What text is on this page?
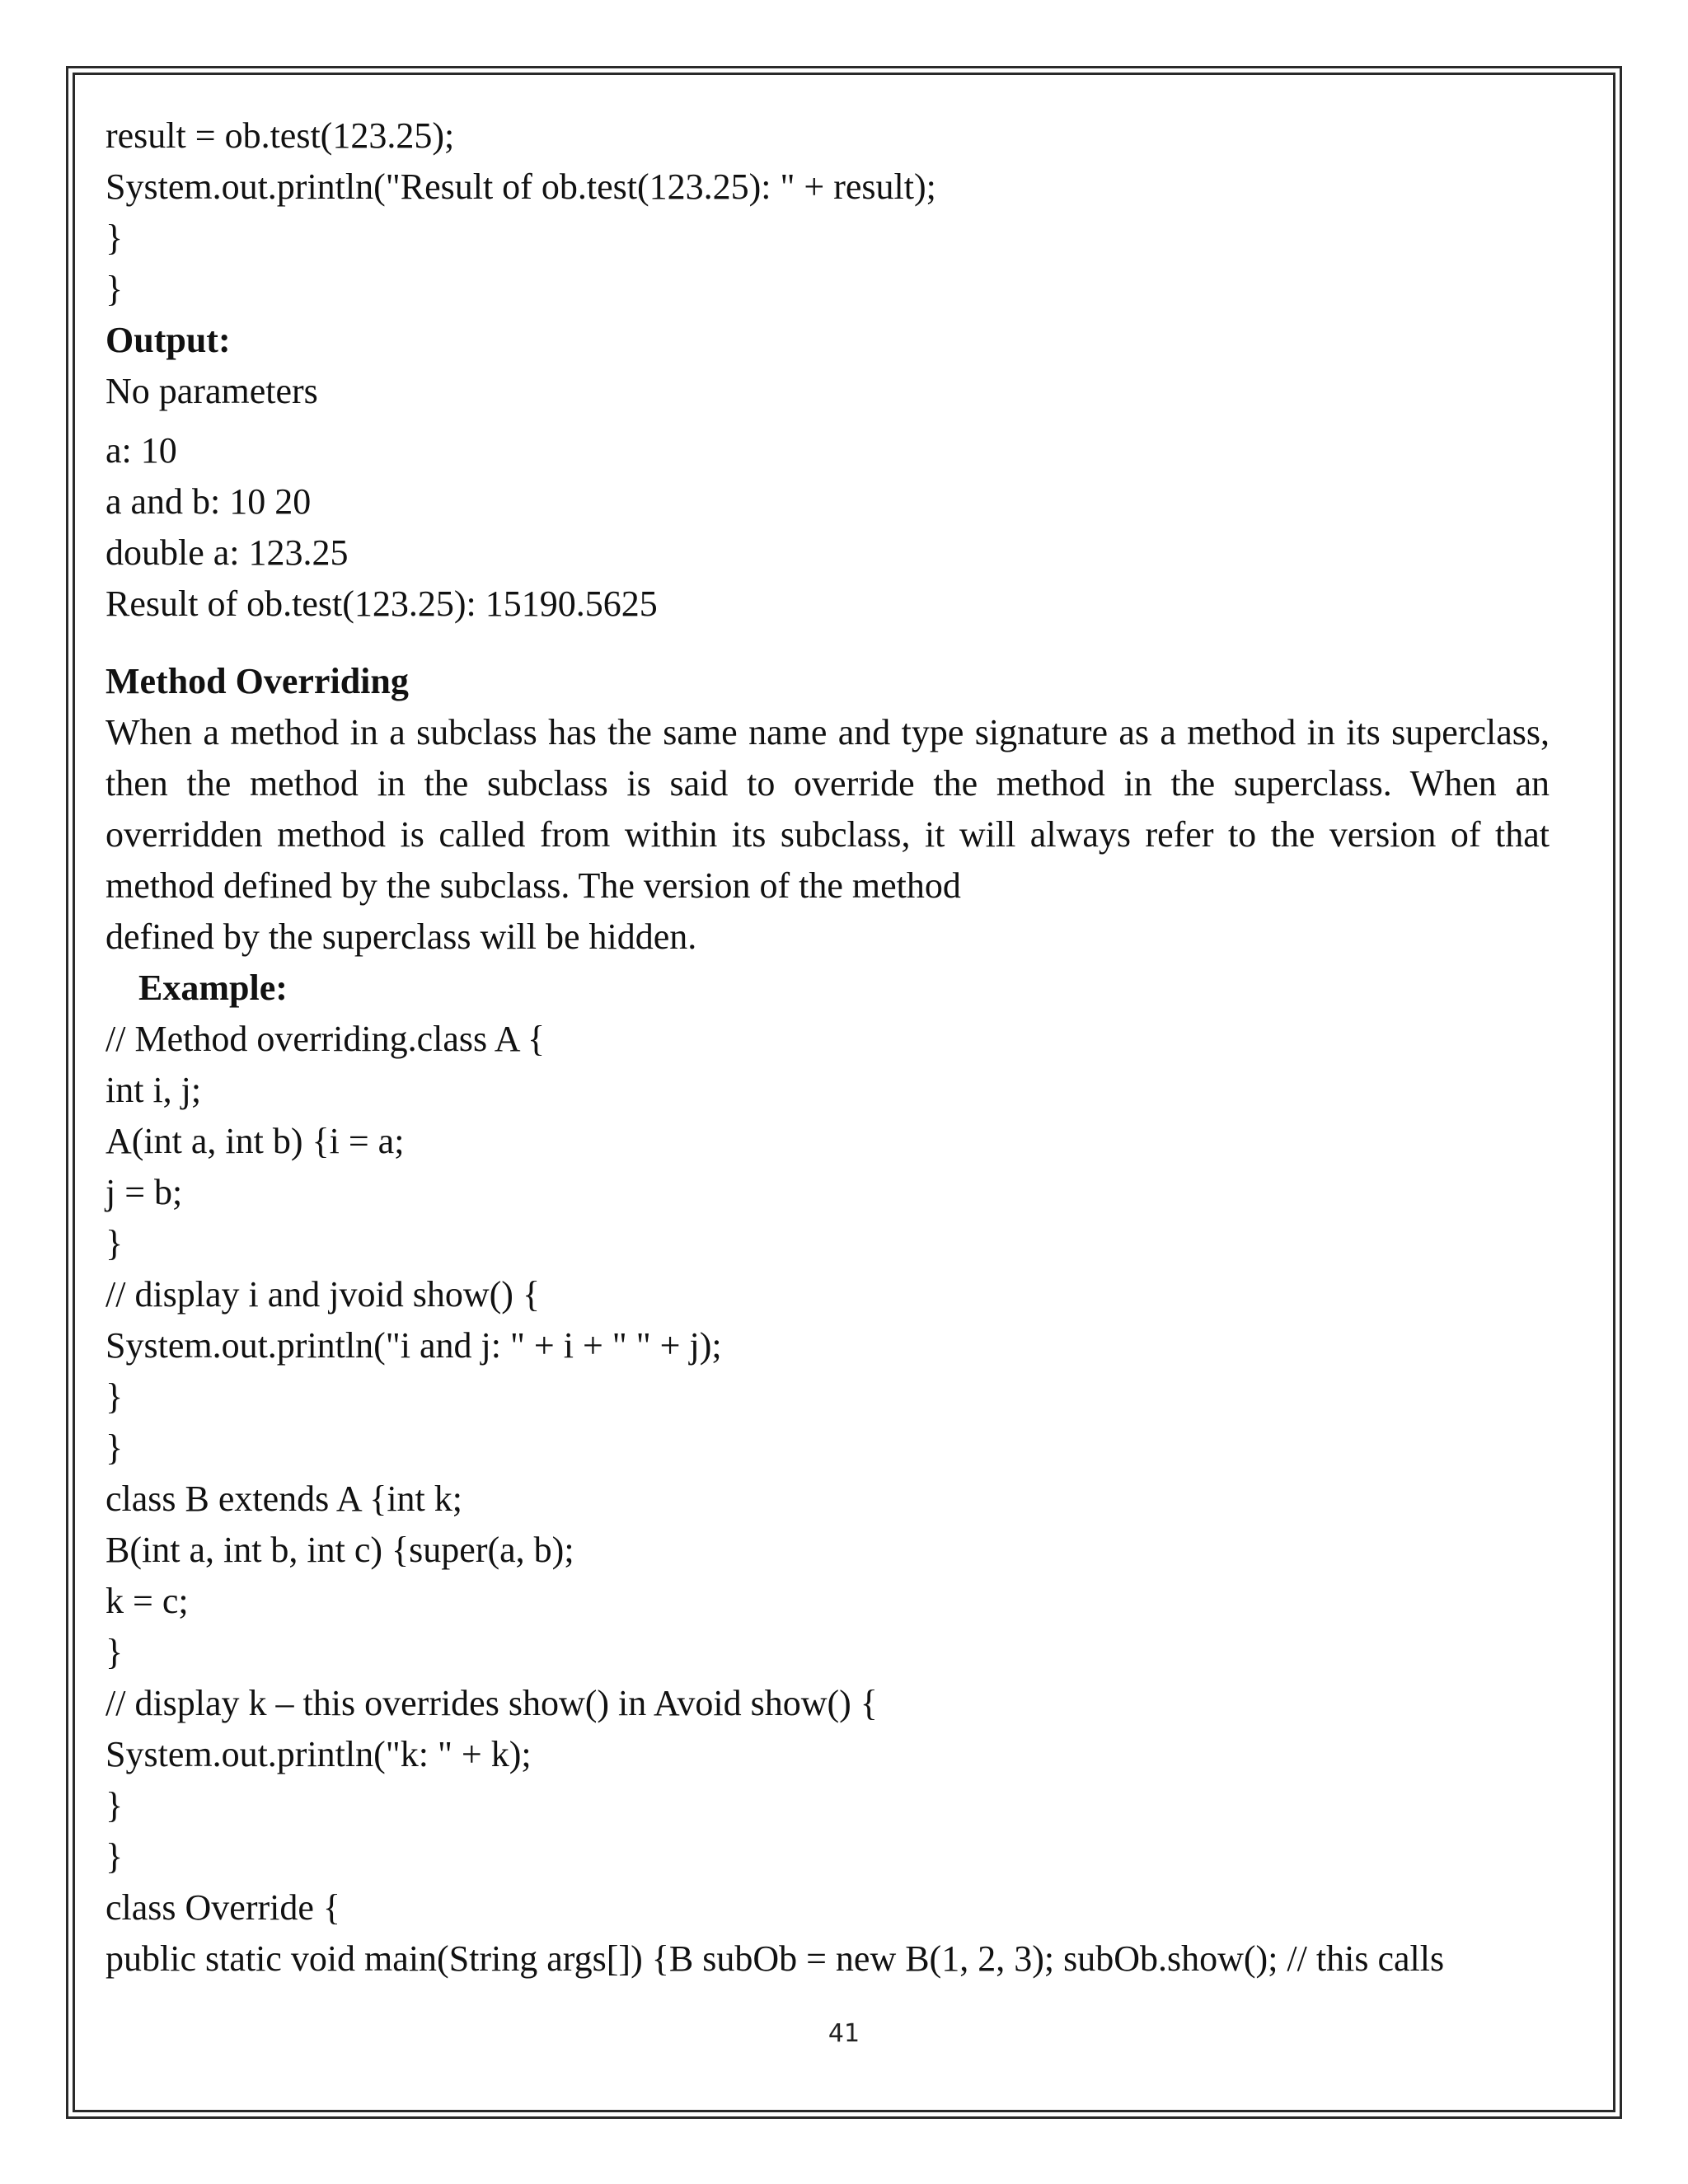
result = ob.test(123.25);

System.out.println("Result of ob.test(123.25): " + result);

}

}

Output:

No parameters

a: 10

a and b: 10 20

double a: 123.25

Result of ob.test(123.25): 15190.5625

Method Overriding

When a method in a subclass has the same name and type signature as a method in its superclass, then the method in the subclass is said to override the method in the superclass. When an overridden method is called from within its subclass, it will always refer to the version of that method defined by the subclass. The version of the method

defined by the superclass will be hidden.

Example:

// Method overriding.class A {

int i, j;

A(int a, int b) {i = a;

j = b;

}

// display i and jvoid show() {

System.out.println("i and j: " + i + " " + j);

}

}

class B extends A {int k;

B(int a, int b, int c) {super(a, b);

k = c;

}

// display k – this overrides show() in Avoid show() {

System.out.println("k: " + k);

}

}

class Override {

public static void main(String args[]) {B subOb = new B(1, 2, 3); subOb.show(); // this calls

41
